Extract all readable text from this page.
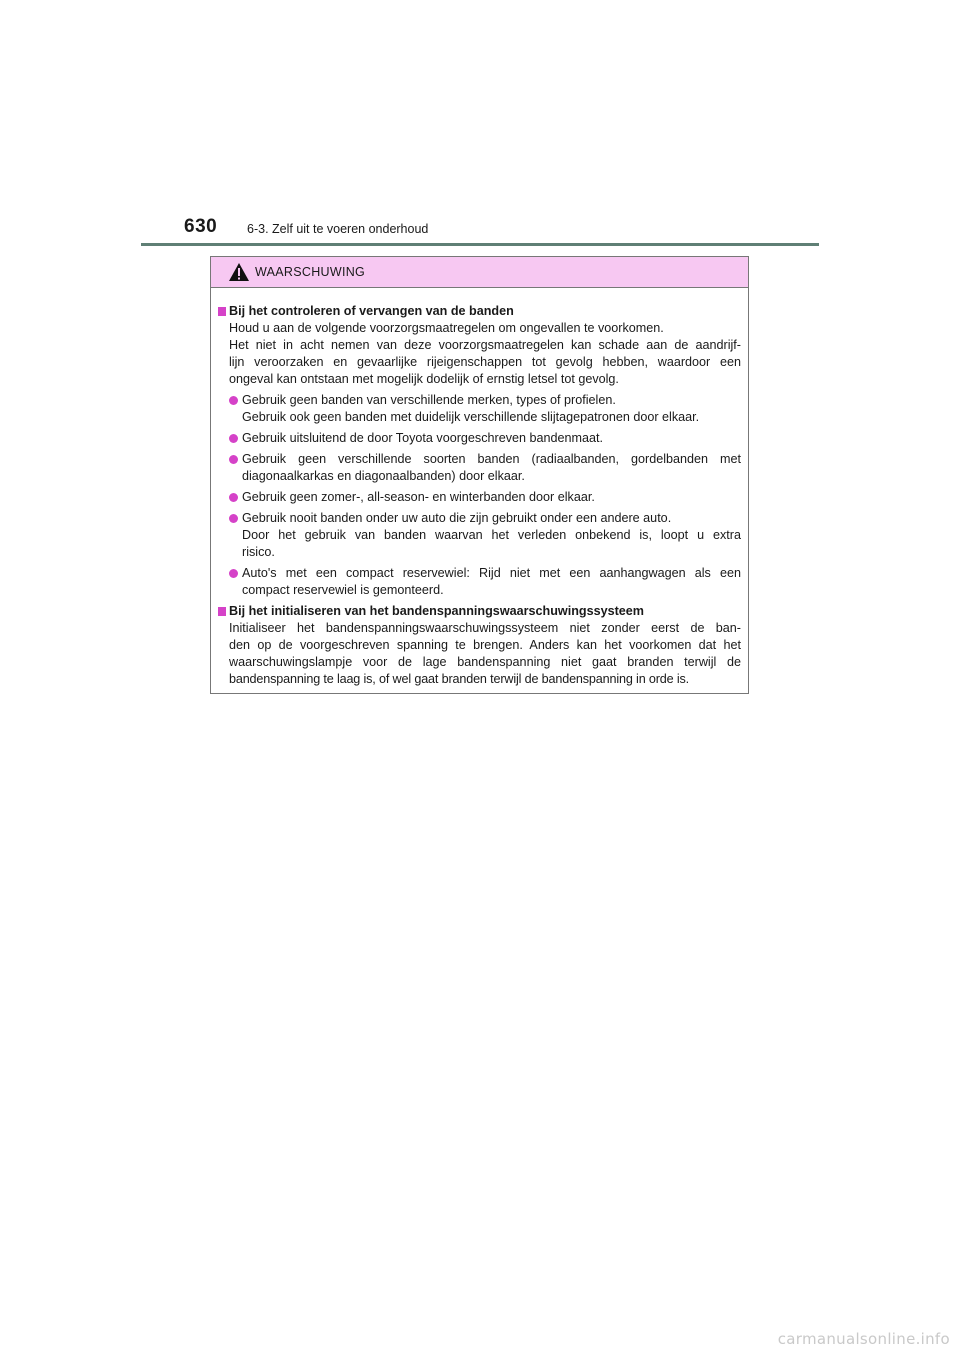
630 6-3. Zelf uit te voeren onderhoud
WAARSCHUWING
Bij het controleren of vervangen van de banden
Houd u aan de volgende voorzorgsmaatregelen om ongevallen te voorkomen.
Het niet in acht nemen van deze voorzorgsmaatregelen kan schade aan de aandrijf-
lijn veroorzaken en gevaarlijke rijeigenschappen tot gevolg hebben, waardoor een
ongeval kan ontstaan met mogelijk dodelijk of ernstig letsel tot gevolg.
Gebruik geen banden van verschillende merken, types of profielen.
Gebruik ook geen banden met duidelijk verschillende slijtagepatronen door elkaar.
Gebruik uitsluitend de door Toyota voorgeschreven bandenmaat.
Gebruik geen verschillende soorten banden (radiaalbanden, gordelbanden met
diagonaalkarkas en diagonaalbanden) door elkaar.
Gebruik geen zomer-, all-season- en winterbanden door elkaar.
Gebruik nooit banden onder uw auto die zijn gebruikt onder een andere auto.
Door het gebruik van banden waarvan het verleden onbekend is, loopt u extra
risico.
Auto's met een compact reservewiel: Rijd niet met een aanhangwagen als een
compact reservewiel is gemonteerd.
Bij het initialiseren van het bandenspanningswaarschuwingssysteem
Initialiseer het bandenspanningswaarschuwingssysteem niet zonder eerst de ban-
den op de voorgeschreven spanning te brengen. Anders kan het voorkomen dat het
waarschuwingslampje voor de lage bandenspanning niet gaat branden terwijl de
bandenspanning te laag is, of wel gaat branden terwijl de bandenspanning in orde is.
carmanualsonline.info
